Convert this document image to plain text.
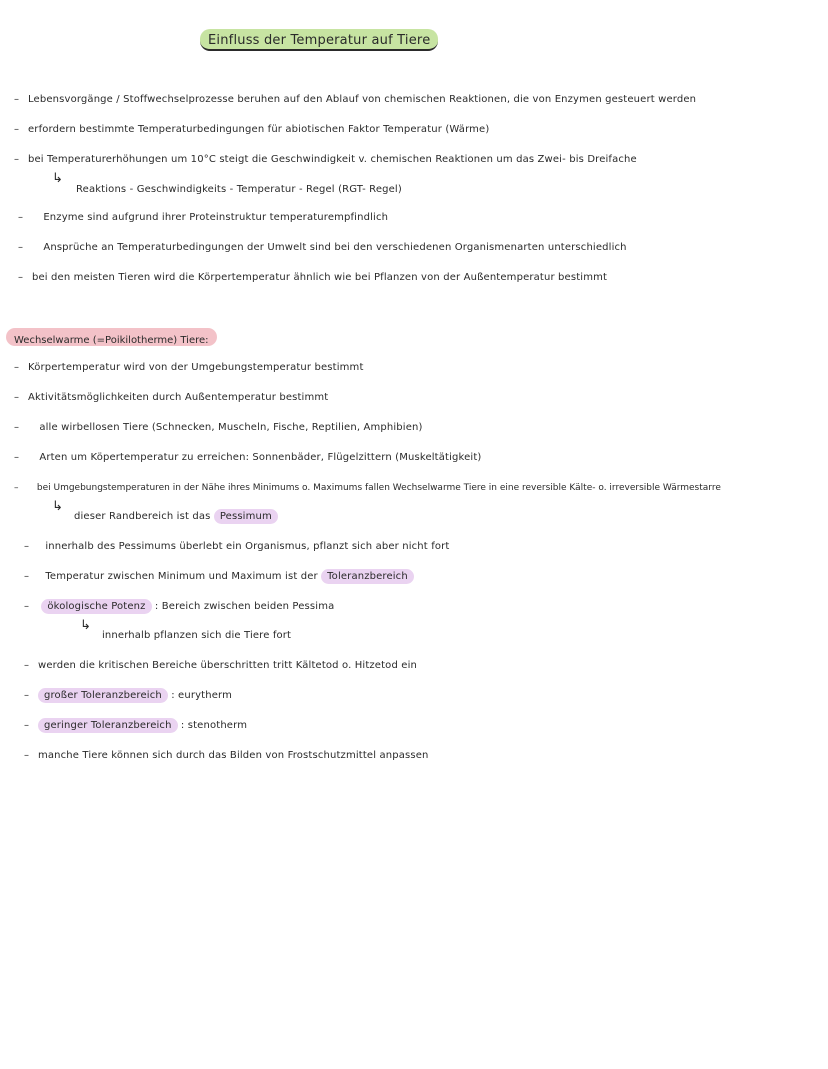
Einfluss der Temperatur auf Tiere
– Lebensvorgänge / Stoffwechselprozesse beruhen auf den Ablauf von chemischen Reaktionen, die von Enzymen gesteuert werden
– erfordern bestimmte Temperaturbedingungen für abiotischen Faktor Temperatur (Wärme)
– bei Temperaturerhöhungen um 10°C steigt die Geschwindigkeit v. chemischen Reaktionen um das Zwei- bis Dreifache
↳
Reaktions - Geschwindigkeits - Temperatur - Regel (RGT- Regel)
– Enzyme sind aufgrund ihrer Proteinstruktur temperaturempfindlich
– Ansprüche an Temperaturbedingungen der Umwelt sind bei den verschiedenen Organismenarten unterschiedlich
– bei den meisten Tieren wird die Körpertemperatur ähnlich wie bei Pflanzen von der Außentemperatur bestimmt
Wechselwarme (=Poikilotherme) Tiere:
– Körpertemperatur wird von der Umgebungstemperatur bestimmt
– Aktivitätsmöglichkeiten durch Außentemperatur bestimmt
– alle wirbellosen Tiere (Schnecken, Muscheln, Fische, Reptilien, Amphibien)
– Arten um Köpertemperatur zu erreichen: Sonnenbäder, Flügelzittern (Muskeltätigkeit)
– bei Umgebungstemperaturen in der Nähe ihres Minimums o. Maximums fallen Wechselwarme Tiere in eine reversible Kälte- o. irreversible Wärmestarre
↳
dieser Randbereich ist das Pessimum
– innerhalb des Pessimums überlebt ein Organismus, pflanzt sich aber nicht fort
– Temperatur zwischen Minimum und Maximum ist der Toleranzbereich
– ökologische Potenz : Bereich zwischen beiden Pessima
↳
innerhalb pflanzen sich die Tiere fort
– werden die kritischen Bereiche überschritten tritt Kältetod o. Hitzetod ein
– großer Toleranzbereich : eurytherm
– geringer Toleranzbereich : stenotherm
– manche Tiere können sich durch das Bilden von Frostschutzmittel anpassen
